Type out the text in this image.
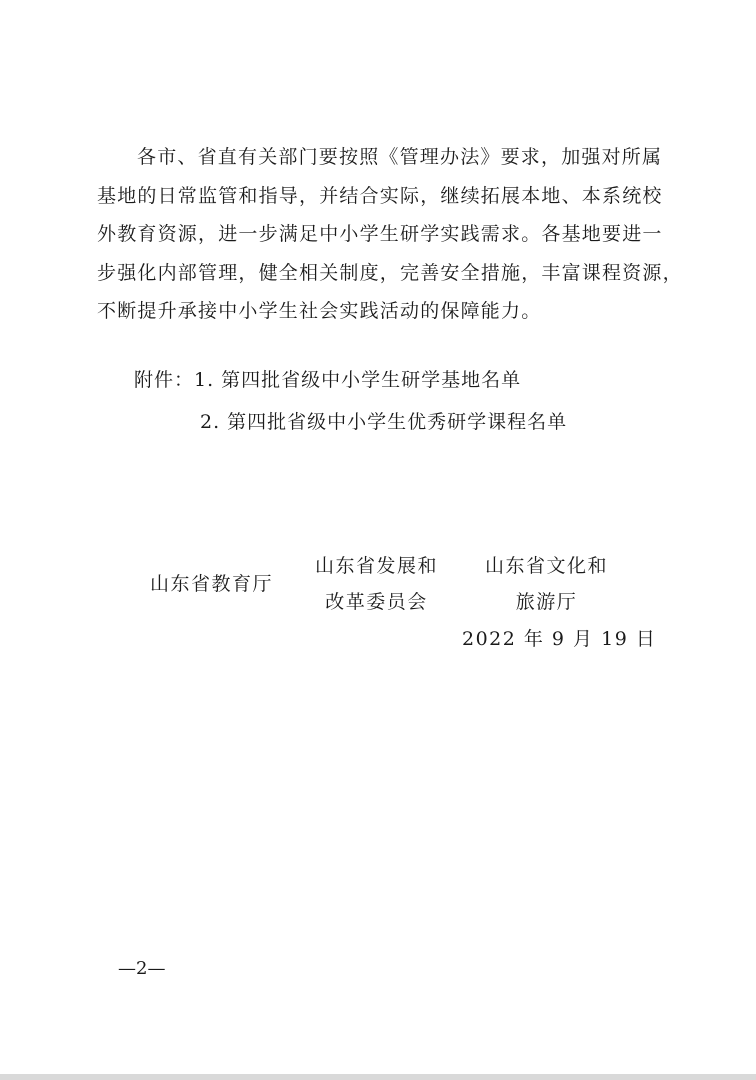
各市、省直有关部门要按照《管理办法》要求，加强对所属
基地的日常监管和指导，并结合实际，继续拓展本地、本系统校
外教育资源，进一步满足中小学生研学实践需求。各基地要进一
步强化内部管理，健全相关制度，完善安全措施，丰富课程资源，
不断提升承接中小学生社会实践活动的保障能力。
附件：1. 第四批省级中小学生研学基地名单
2. 第四批省级中小学生优秀研学课程名单
山东省教育厅
山东省发展和
改革委员会
山东省文化和
旅游厅
2022 年 9 月 19 日
—2—
